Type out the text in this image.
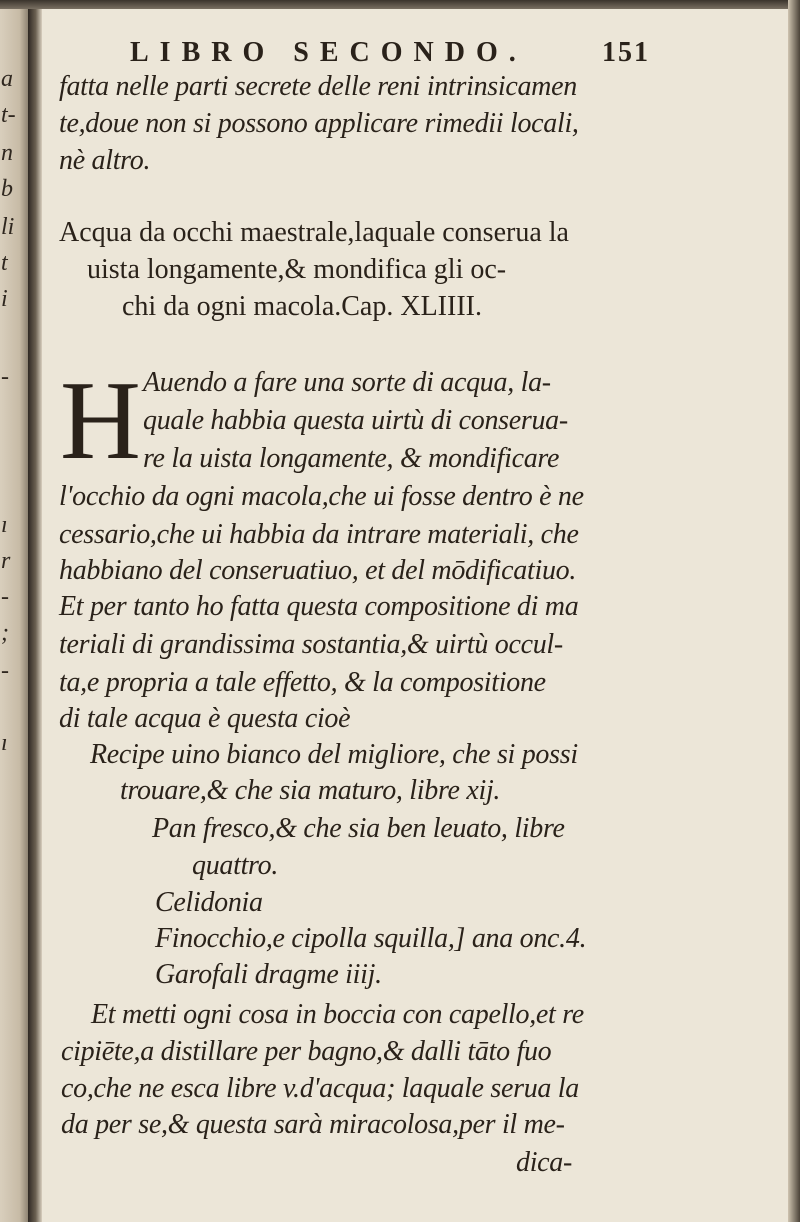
a
t-
n
b
li
t
i
-
ı
r
-
;
-
ı
LIBRO SECONDO.	151
fatta nelle parti secrete delle reni intrinsicamen
te,doue non si possono applicare rimedii locali,
nè altro.
Acqua da occhi maestrale,laquale conserua la
uista longamente,& mondifica gli oc-
chi da ogni macola.Cap. XLIIII.
H Auendo a fare una sorte di acqua, la-
quale habbia questa uirtù di conserua-
re la uista longamente, & mondificare
l'occhio da ogni macola,che ui fosse dentro è ne
cessario,che ui habbia da intrare materiali, che
habbiano del conseruatiuo, et del mōdificatiuo.
Et per tanto ho fatta questa compositione di ma
teriali di grandissima sostantia,& uirtù occul-
ta,e propria a tale effetto, & la compositione
di tale acqua è questa cioè
Recipe uino bianco del migliore, che si possi
trouare,& che sia maturo, libre xij.
Pan fresco,& che sia ben leuato, libre
quattro.
Celidonia
Finocchio,e cipolla squilla,] ana onc.4.
Garofali dragme iiij.
Et metti ogni cosa in boccia con capello,et re
cipiēte,a distillare per bagno,& dalli tāto fuo
co,che ne esca libre v.d'acqua; laquale serua la
da per se,& questa sarà miracolosa,per il me-
dica-
